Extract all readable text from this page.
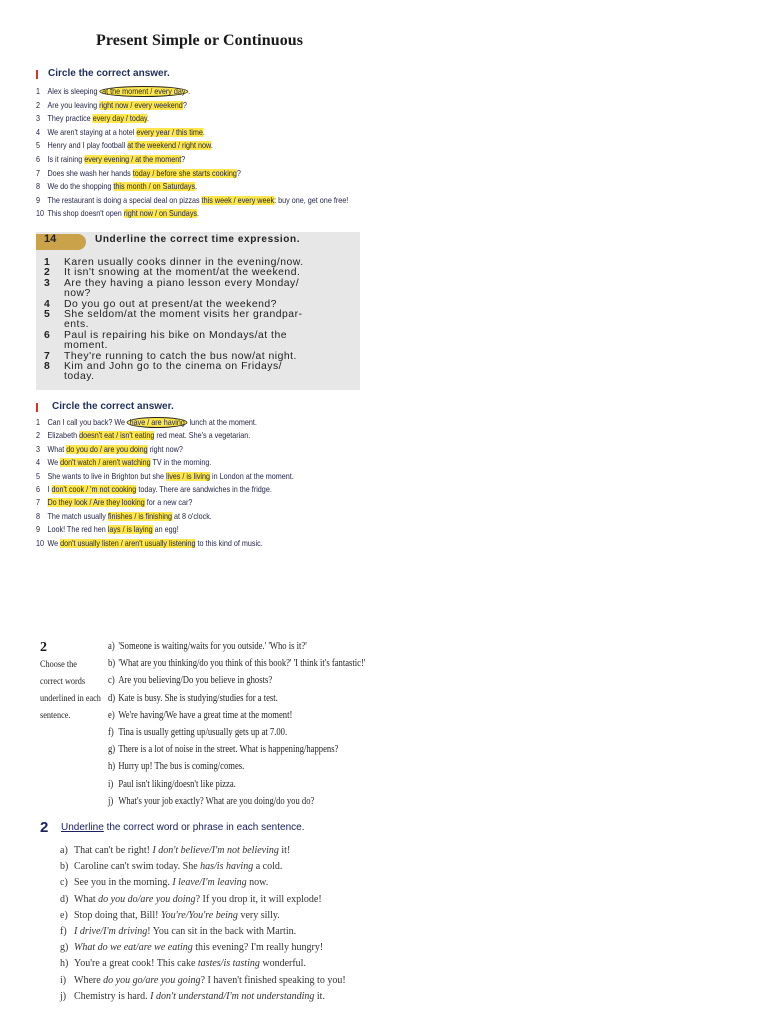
Present Simple or Continuous
Circle the correct answer.
1 Alex is sleeping at the moment / every day .
2 Are you leaving right now / every weekend?
3 They practice every day / today.
4 We aren't staying at a hotel every year / this time.
5 Henry and I play football at the weekend / right now.
6 Is it raining every evening / at the moment?
7 Does she wash her hands today / before she starts cooking?
8 We do the shopping this month / on Saturdays.
9 The restaurant is doing a special deal on pizzas this week / every week: buy one, get one free!
10 This shop doesn't open right now / on Sundays.
14	Underline the correct time expression.
1 Karen usually cooks dinner in the evening/now.
2 It isn't snowing at the moment/at the weekend.
3 Are they having a piano lesson every Monday/
now?
4 Do you go out at present/at the weekend?
5 She seldom/at the moment visits her grandpar-
ents.
6 Paul is repairing his bike on Mondays/at the
moment.
7 They're running to catch the bus now/at night.
8 Kim and John go to the cinema on Fridays/
today.
Circle the correct answer.
1 Can I call you back? We have / are having lunch at the moment.
2 Elizabeth doesn't eat / isn't eating red meat. She's a vegetarian.
3 What do you do / are you doing right now?
4 We don't watch / aren't watching TV in the morning.
5 She wants to live in Brighton but she lives / is living in London at the moment.
6 I don't cook / 'm not cooking today. There are sandwiches in the fridge.
7 Do they look / Are they looking for a new car?
8 The match usually finishes / is finishing at 8 o'clock.
9 Look! The red hen lays / is laying an egg!
10 We don't usually listen / aren't usually listening to this kind of music.
2
Choose the
correct words
underlined in each
sentence.
a) 'Someone is waiting/waits for you outside.' 'Who is it?'
b) 'What are you thinking/do you think of this book?' 'I think it's fantastic!'
c) Are you believing/Do you believe in ghosts?
d) Kate is busy. She is studying/studies for a test.
e) We're having/We have a great time at the moment!
f) Tina is usually getting up/usually gets up at 7.00.
g) There is a lot of noise in the street. What is happening/happens?
h) Hurry up! The bus is coming/comes.
i) Paul isn't liking/doesn't like pizza.
j) What's your job exactly? What are you doing/do you do?
2 Underline the correct word or phrase in each sentence.
a) That can't be right! I don't believe/I'm not believing it!
b) Caroline can't swim today. She has/is having a cold.
c) See you in the morning. I leave/I'm leaving now.
d) What do you do/are you doing? If you drop it, it will explode!
e) Stop doing that, Bill! You're/You're being very silly.
f) I drive/I'm driving! You can sit in the back with Martin.
g) What do we eat/are we eating this evening? I'm really hungry!
h) You're a great cook! This cake tastes/is tasting wonderful.
i) Where do you go/are you going? I haven't finished speaking to you!
j) Chemistry is hard. I don't understand/I'm not understanding it.
